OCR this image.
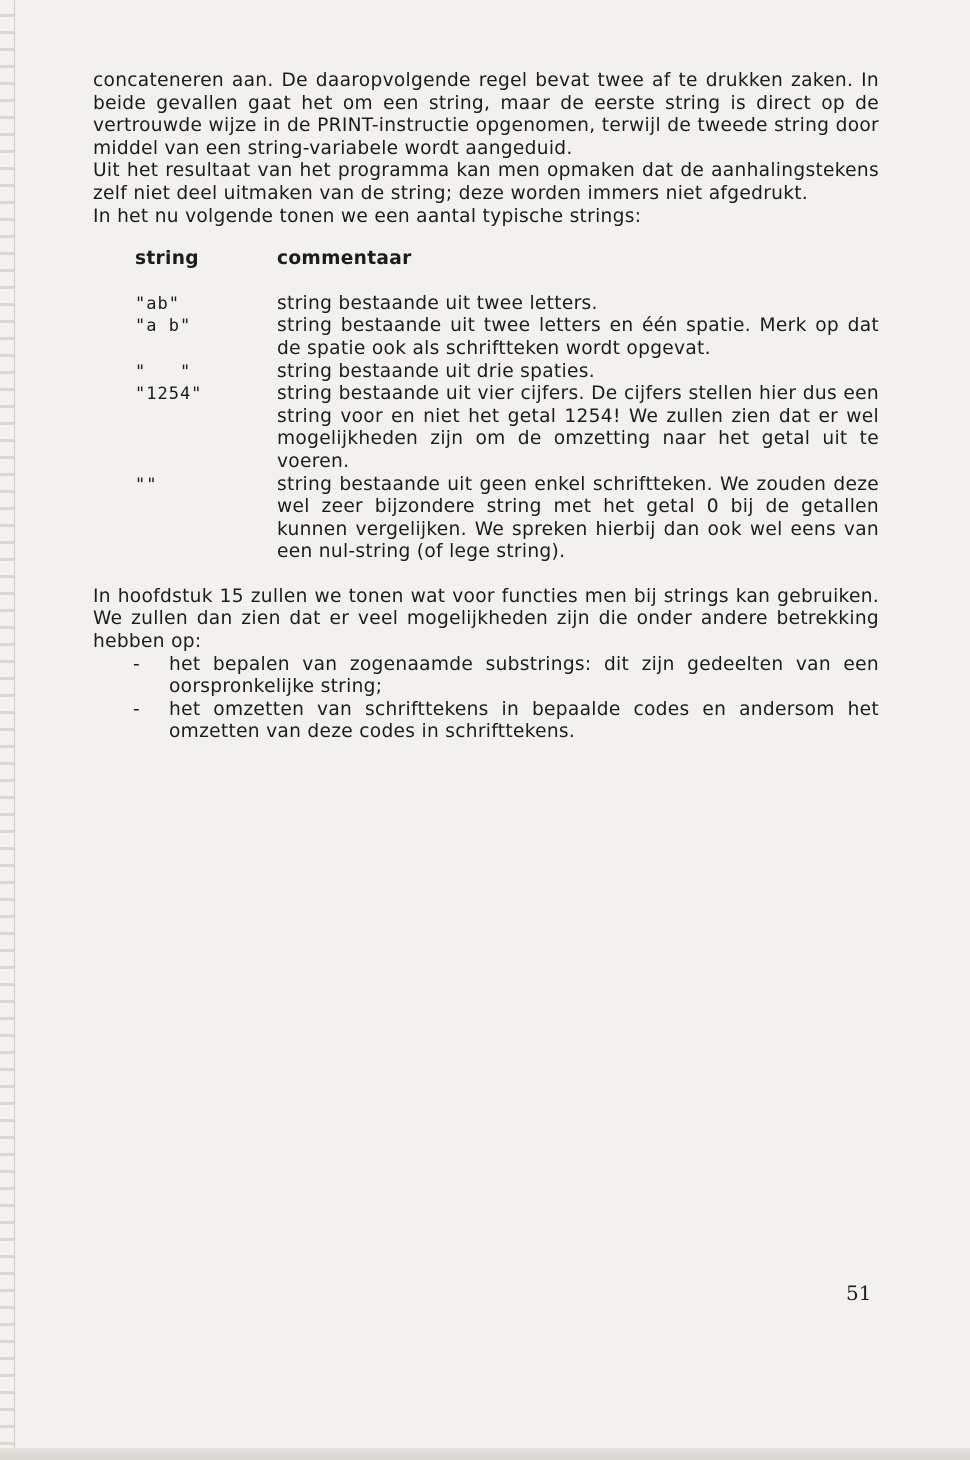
concateneren aan. De daaropvolgende regel bevat twee af te drukken zaken. In beide gevallen gaat het om een string, maar de eerste string is direct op de vertrouwde wijze in de PRINT-instructie opgenomen, terwijl de tweede string door middel van een string-variabele wordt aangeduid.

Uit het resultaat van het programma kan men opmaken dat de aanhalingstekens zelf niet deel uitmaken van de string; deze worden immers niet afgedrukt.

In het nu volgende tonen we een aantal typische strings:

string	commentaar
"ab"	string bestaande uit twee letters.
"a b"	string bestaande uit twee letters en één spatie. Merk op dat de spatie ook als schriftteken wordt opgevat.
"   "	string bestaande uit drie spaties.
"1254"	string bestaande uit vier cijfers. De cijfers stellen hier dus een string voor en niet het getal 1254! We zullen zien dat er wel mogelijkheden zijn om de omzetting naar het getal uit te voeren.
""	string bestaande uit geen enkel schriftteken. We zouden deze wel zeer bijzondere string met het getal 0 bij de getallen kunnen vergelijken. We spreken hierbij dan ook wel eens van een nul-string (of lege string).

In hoofdstuk 15 zullen we tonen wat voor functies men bij strings kan gebruiken. We zullen dan zien dat er veel mogelijkheden zijn die onder andere betrekking hebben op:

-	het bepalen van zogenaamde substrings: dit zijn gedeelten van een oorspronkelijke string;
-	het omzetten van schrifttekens in bepaalde codes en andersom het omzetten van deze codes in schrifttekens.
51
